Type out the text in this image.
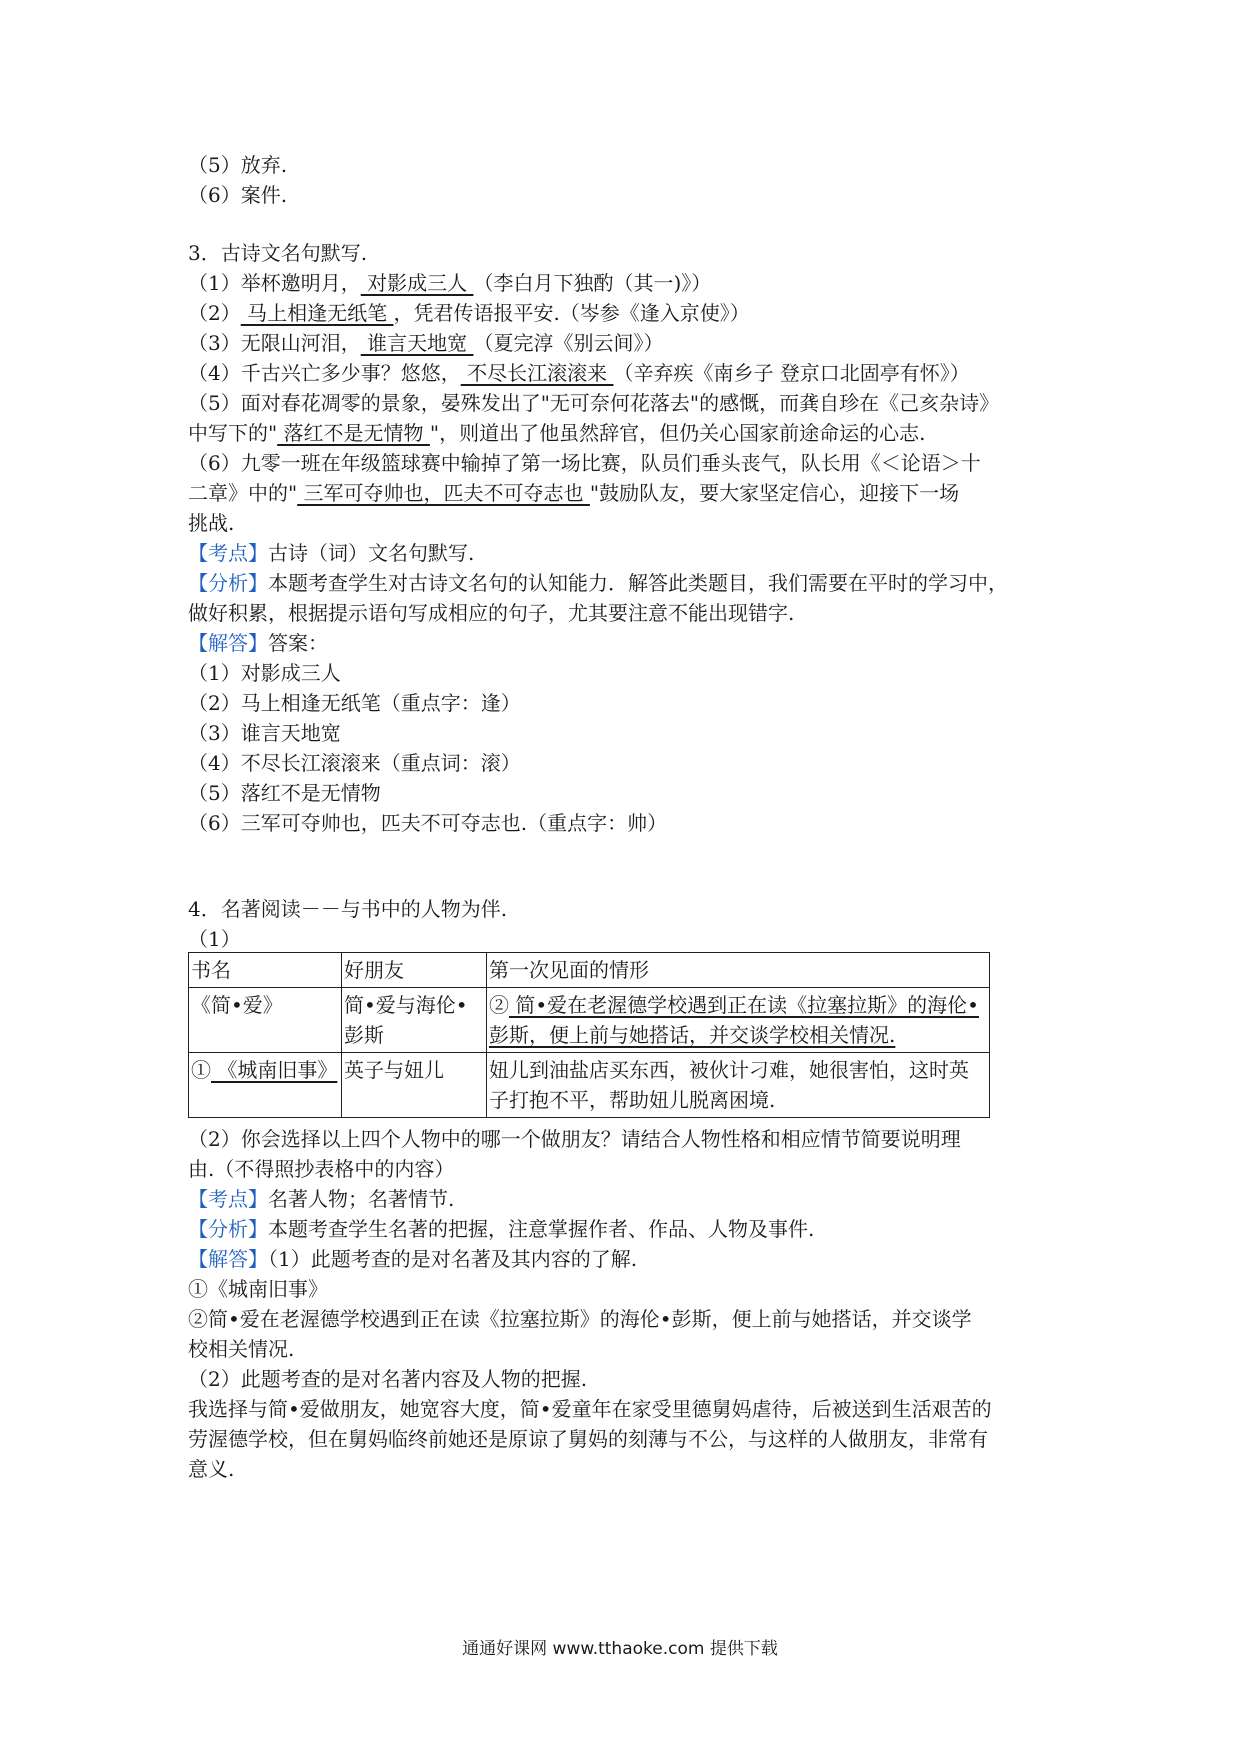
（5）放弃.
（6）案件.
3．古诗文名句默写.
（1）举杯邀明月， 对影成三人 （李白月下独酌（其一)》）
（2） 马上相逢无纸笔 ，凭君传语报平安.（岑参《逢入京使》）
（3）无限山河泪， 谁言天地宽 （夏完淳《别云间》）
（4）千古兴亡多少事？悠悠， 不尽长江滚滚来 （辛弃疾《南乡子 登京口北固亭有怀》）
（5）面对春花凋零的景象，晏殊发出了"无可奈何花落去"的感慨，而龚自珍在《己亥杂诗》
中写下的" 落红不是无情物 "，则道出了他虽然辞官，但仍关心国家前途命运的心志.
（6）九零一班在年级篮球赛中输掉了第一场比赛，队员们垂头丧气，队长用《＜论语＞十
二章》中的" 三军可夺帅也，匹夫不可夺志也 "鼓励队友，要大家坚定信心，迎接下一场
挑战.
【考点】古诗（词）文名句默写.
【分析】本题考查学生对古诗文名句的认知能力．解答此类题目，我们需要在平时的学习中，
做好积累，根据提示语句写成相应的句子，尤其要注意不能出现错字.
【解答】答案：
（1）对影成三人
（2）马上相逢无纸笔（重点字：逢）
（3）谁言天地宽
（4）不尽长江滚滚来（重点词：滚）
（5）落红不是无情物
（6）三军可夺帅也，匹夫不可夺志也.（重点字：帅）
4．名著阅读－－与书中的人物为伴.
（1）
书名	好朋友	第一次见面的情形
《简•爱》	简•爱与海伦•彭斯	② 简•爱在老渥德学校遇到正在读《拉塞拉斯》的海伦•彭斯，便上前与她搭话，并交谈学校相关情况.
① 《城南旧事》	英子与妞儿	妞儿到油盐店买东西，被伙计刁难，她很害怕，这时英子打抱不平，帮助妞儿脱离困境.
（2）你会选择以上四个人物中的哪一个做朋友？请结合人物性格和相应情节简要说明理
由.（不得照抄表格中的内容）
【考点】名著人物；名著情节.
【分析】本题考查学生名著的把握，注意掌握作者、作品、人物及事件.
【解答】（1）此题考查的是对名著及其内容的了解.
①《城南旧事》
②简•爱在老渥德学校遇到正在读《拉塞拉斯》的海伦•彭斯，便上前与她搭话，并交谈学
校相关情况.
（2）此题考查的是对名著内容及人物的把握.
我选择与简•爱做朋友，她宽容大度，简•爱童年在家受里德舅妈虐待，后被送到生活艰苦的
劳渥德学校，但在舅妈临终前她还是原谅了舅妈的刻薄与不公，与这样的人做朋友，非常有
意义.
通通好课网 www.tthaoke.com 提供下载
